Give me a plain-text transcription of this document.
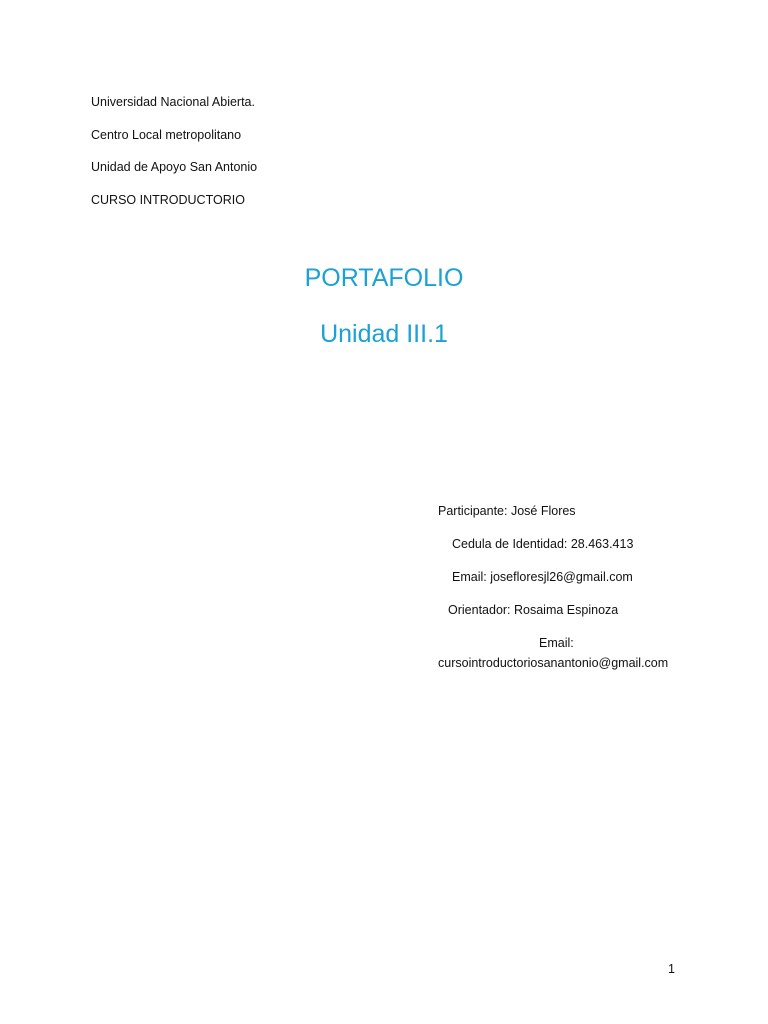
Universidad Nacional Abierta.
Centro Local metropolitano
Unidad de Apoyo San Antonio
CURSO INTRODUCTORIO
PORTAFOLIO
Unidad III.1
Participante: José Flores
Cedula de Identidad: 28.463.413
Email: josefloresjl26@gmail.com
Orientador: Rosaima Espinoza
Email:
cursointroductoriosanantonio@gmail.com
1
